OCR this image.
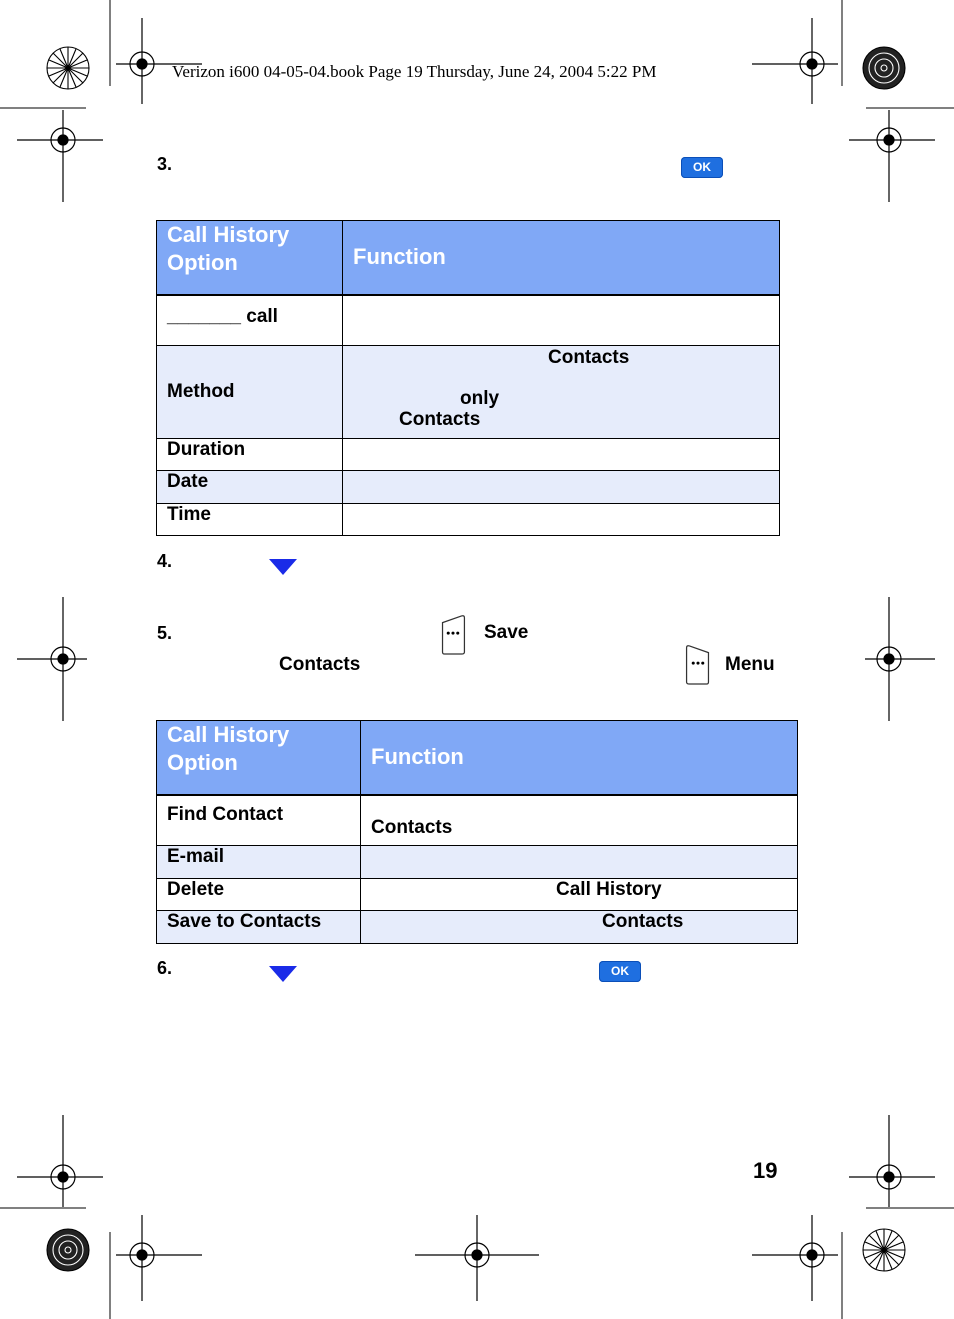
Verizon i600 04-05-04.book Page 19 Thursday, June 24, 2004 5:22 PM
3.	OK
Call History Option	Function
_______ call	
Method	Contacts
only
Contacts

Duration	
Date	
Time	
4.
5.	Save
Contacts	Menu
Call History Option	Function
Find Contact	Contacts
E-mail	
Delete	Call History
Save to Contacts	Contacts
6.	OK
19
